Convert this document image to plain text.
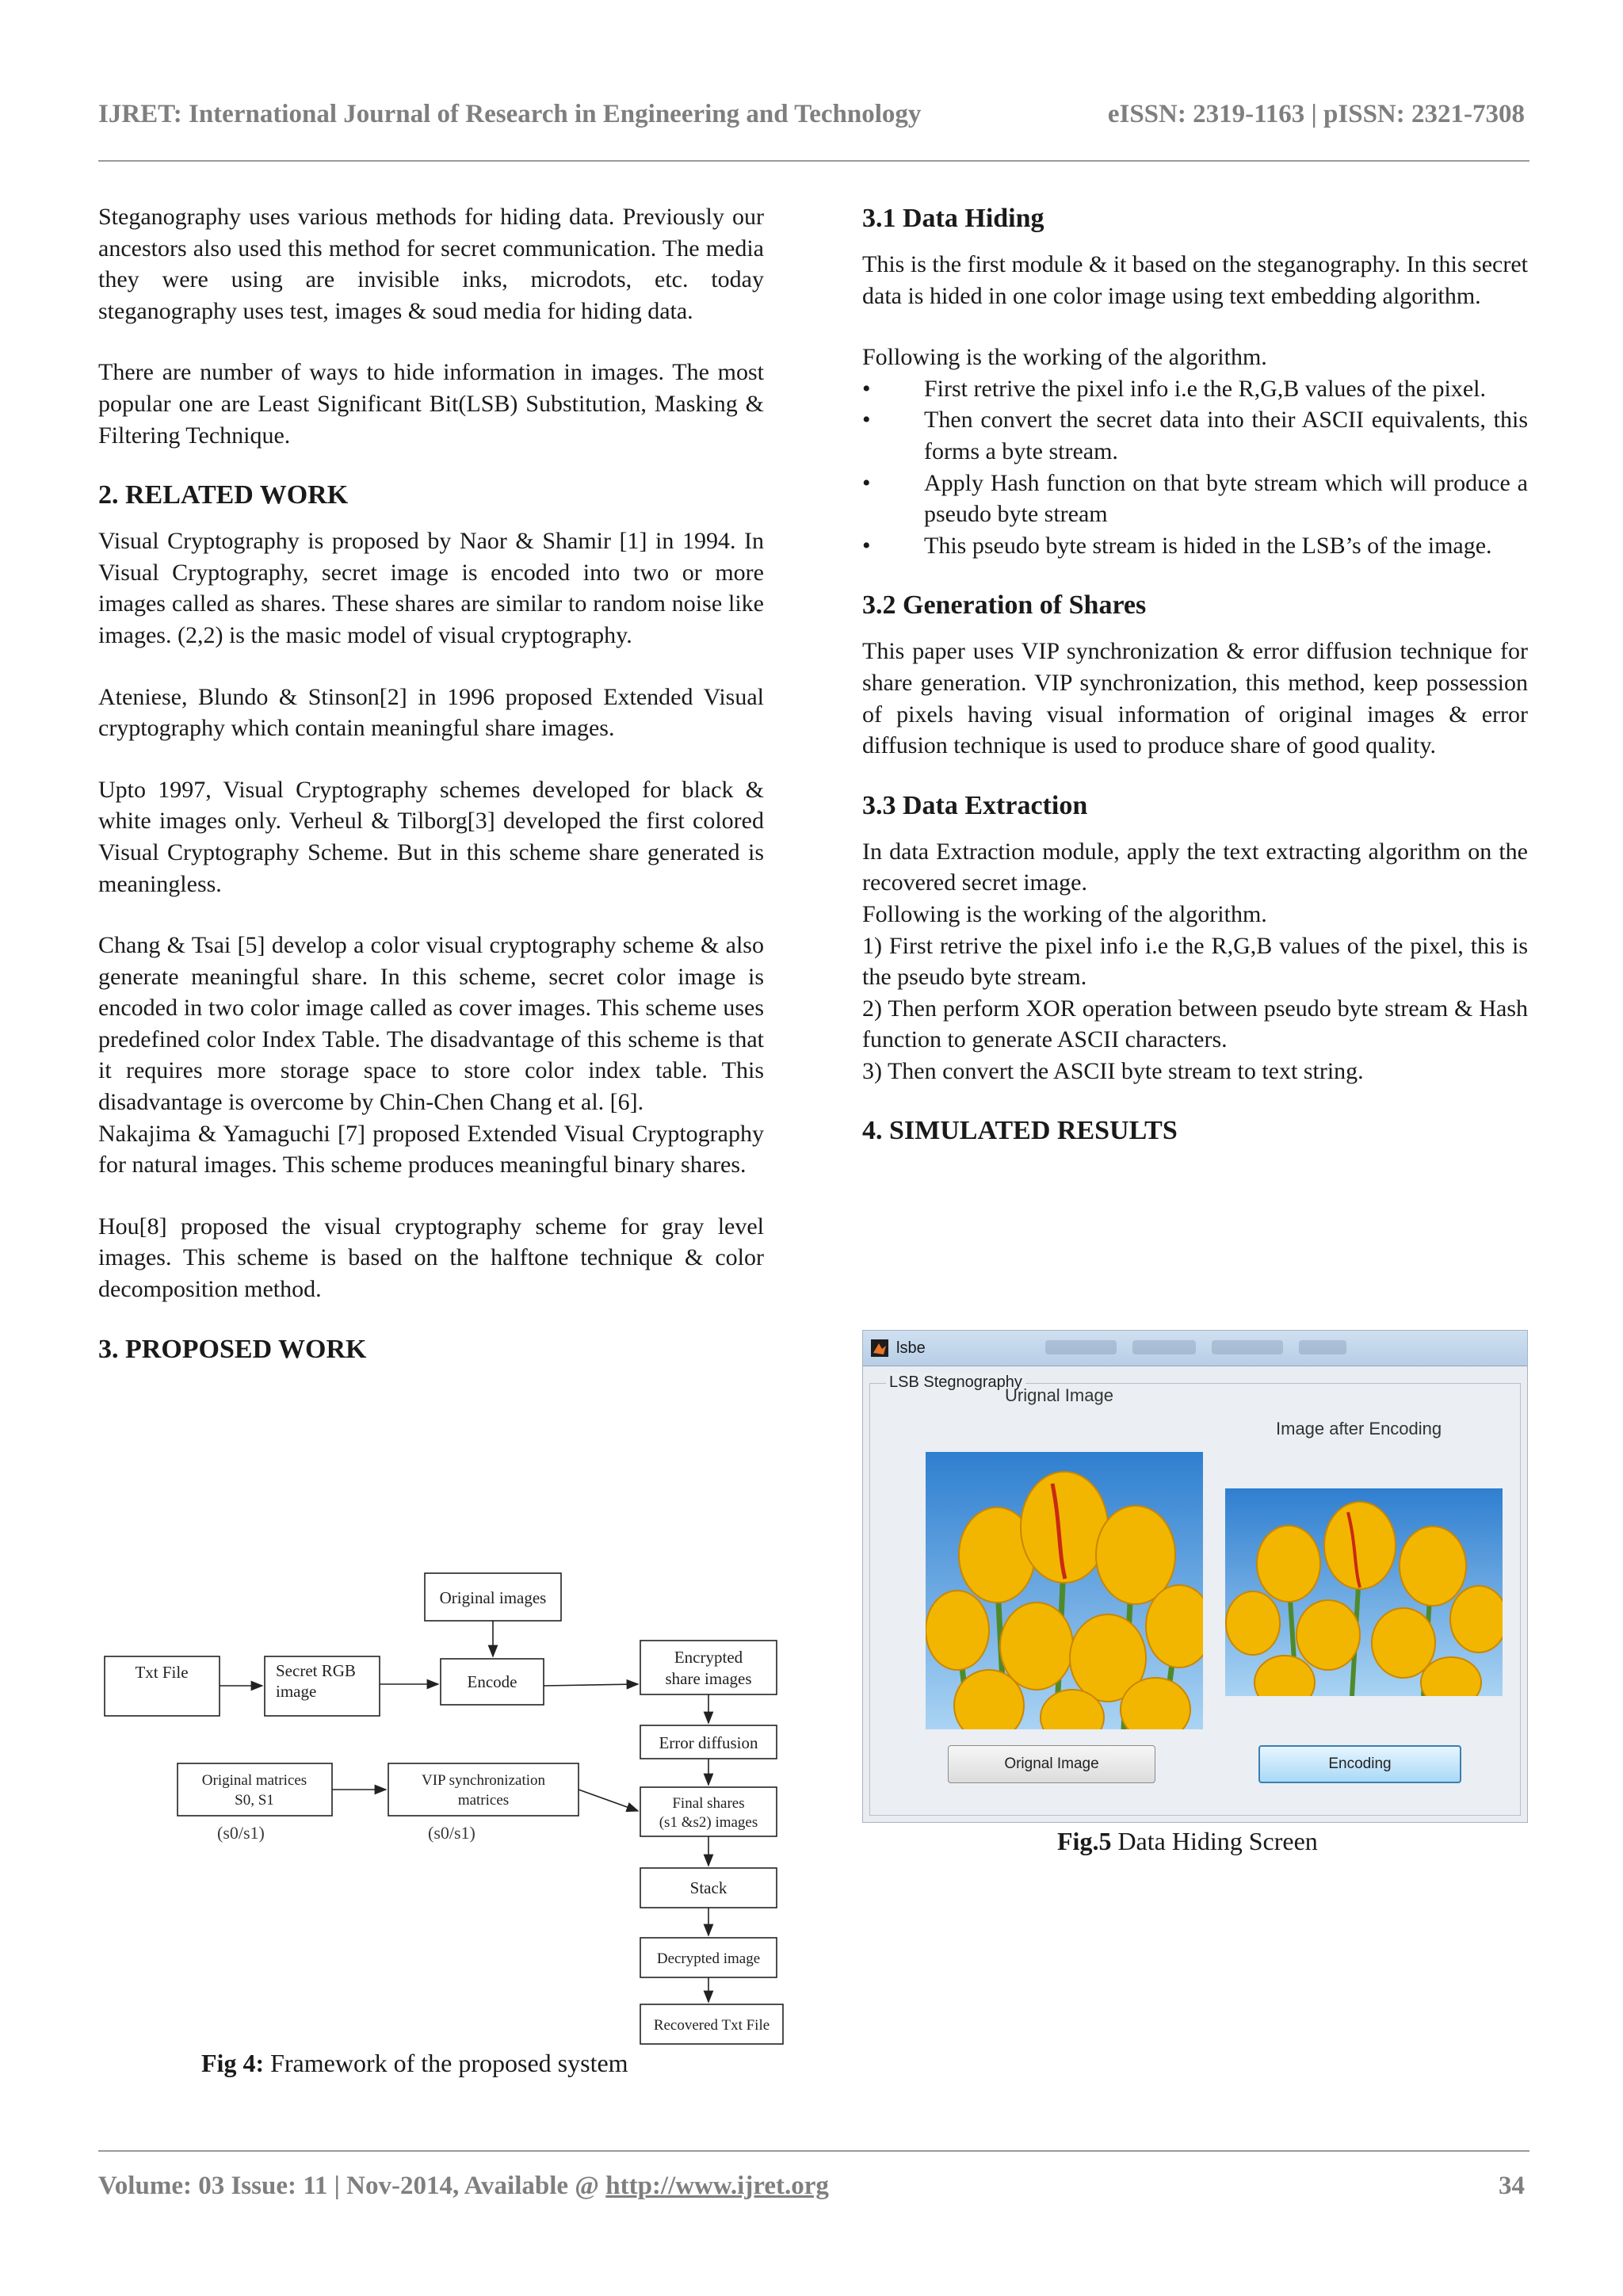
IJRET: International Journal of Research in Engineering and Technology	eISSN: 2319-1163 | pISSN: 2321-7308

Steganography uses various methods for hiding data. Previously our ancestors also used this method for secret communication. The media they were using are invisible inks, microdots, etc. today steganography uses test, images & soud media for hiding data.

There are number of ways to hide information in images. The most popular one are Least Significant Bit(LSB) Substitution, Masking & Filtering Technique.

2. RELATED WORK

Visual Cryptography is proposed by Naor & Shamir [1] in 1994. In Visual Cryptography, secret image is encoded into two or more images called as shares. These shares are similar to random noise like images. (2,2) is the masic model of visual cryptography.

Ateniese, Blundo & Stinson[2] in 1996 proposed Extended Visual cryptography which contain meaningful share images.

Upto 1997, Visual Cryptography schemes developed for black & white images only. Verheul & Tilborg[3] developed the first colored Visual Cryptography Scheme. But in this scheme share generated is meaningless.

Chang & Tsai [5] develop a color visual cryptography scheme & also generate meaningful share. In this scheme, secret color image is encoded in two color image called as cover images. This scheme uses predefined color Index Table. The disadvantage of this scheme is that it requires more storage space to store color index table. This disadvantage is overcome by Chin-Chen Chang et al. [6].

Nakajima & Yamaguchi [7] proposed Extended Visual Cryptography for natural images. This scheme produces meaningful binary shares.

Hou[8] proposed the visual cryptography scheme for gray level images. This scheme is based on the halftone technique & color decomposition method.

3. PROPOSED WORK
Original images
Txt File	Secret RGB
image	Encode
Encrypted
share images
Error diffusion
Original matrices
S0, S1
VIP synchronization
matrices	Final shares
(s1 &s2) images
Stack
Decrypted image
Recovered Txt File
(s0/s1)	(s0/s1)
Fig 4: Framework of the proposed system
3.1 Data Hiding

This is the first module & it based on the steganography. In this secret data is hided in one color image using text embedding algorithm.

Following is the working of the algorithm.

• First retrive the pixel info i.e the R,G,B values of the pixel.
• Then convert the secret data into their ASCII equivalents, this forms a byte stream.
• Apply Hash function on that byte stream which will produce a pseudo byte stream
• This pseudo byte stream is hided in the LSB’s of the image.
3.2 Generation of Shares

This paper uses VIP synchronization & error diffusion technique for share generation. VIP synchronization, this method, keep possession of pixels having visual information of original images & error diffusion technique is used to produce share of good quality.

3.3 Data Extraction

In data Extraction module, apply the text extracting algorithm on the recovered secret image.

Following is the working of the algorithm.

1) First retrive the pixel info i.e the R,G,B values of the pixel, this is the pseudo byte stream.

2) Then perform XOR operation between pseudo byte stream & Hash function to generate ASCII characters.

3) Then convert the ASCII byte stream to text string.

4. SIMULATED RESULTS
lsbe
LSB Stegnography
Urignal Image
Image after Encoding
Orignal Image	Encoding
Fig.5 Data Hiding Screen
Volume: 03 Issue: 11 | Nov-2014, Available @ http://www.ijret.org	34
